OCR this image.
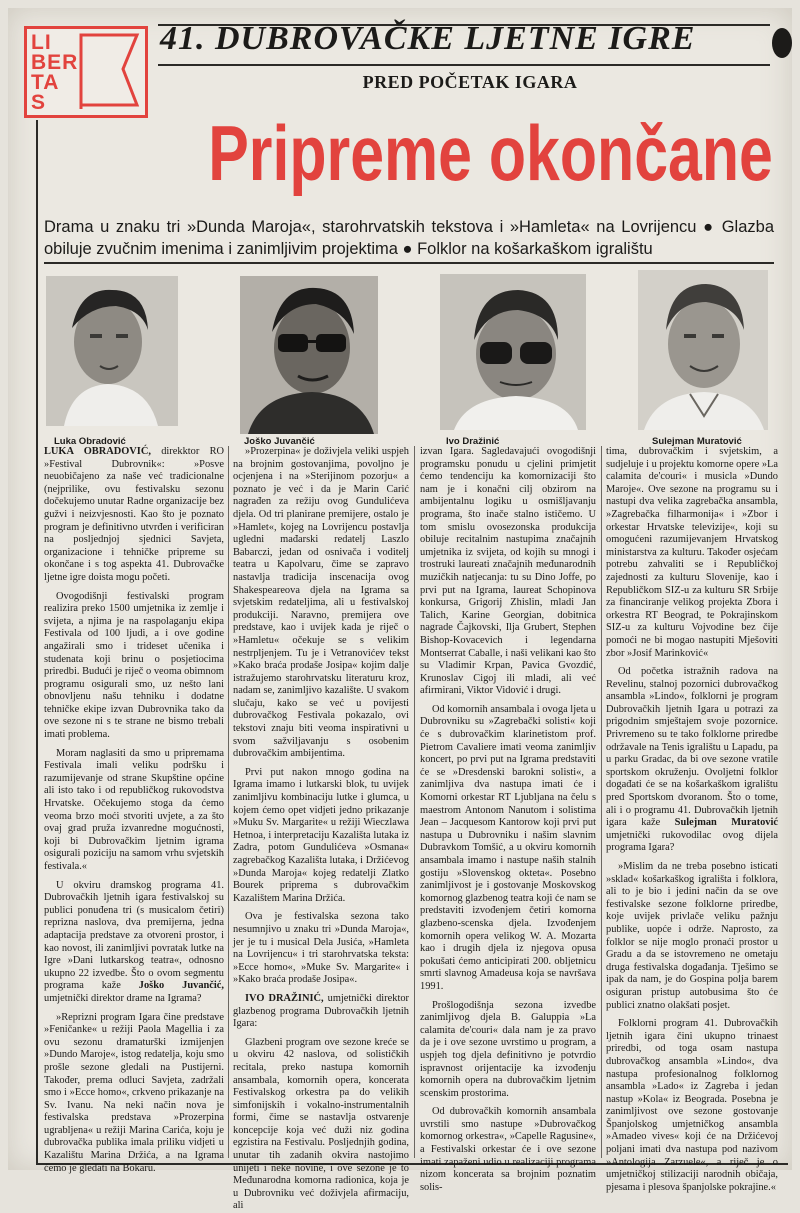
LI
BER
TA
S
41. DUBROVAČKE LJETNE IGRE
PRED POČETAK IGARA
Pripreme okončane
Drama u znaku tri »Dunda Maroja«, starohrvatskih tekstova i »Hamleta« na Lovrijencu ● Glazba obiluje zvučnim imenima i zanimljivim projektima ● Folklor na košarkaškom igralištu
Luka Obradović	Joško Juvančić	Ivo Dražinić	Sulejman Muratović

LUKA OBRADOVIĆ, direkktor RO »Festival Dubrovnik«: »Posve neuobičajeno za naše već tradicionalne (nejprilike, ovu festivalsku sezonu dočekujemo unutar Radne organizacije bez gužvi i neizvjesnosti. Kao što je poznato program je definitivno utvrđen i verificiran na posljednjoj sjednici Savjeta, organizacione i tehničke pripreme su okončane i s tog aspekta 41. Dubrovačke ljetne igre doista mogu početi.

Ovogodišnji festivalski program realizira preko 1500 umjetnika iz zemlje i svijeta, a njima je na raspolaganju ekipa Festivala od 100 ljudi, a i ove godine angažirali smo i trideset učenika i studenata koji brinu o posjetiocima priredbi. Budući je riječ o veoma obimnom programu osigurali smo, uz nešto lani obnovljenu našu tehniku i dodatne tehničke ekipe izvan Dubrovnika tako da ove sezone ni s te strane ne bismo trebali imati problema.

Moram naglasiti da smo u pripremama Festivala imali veliku podršku i razumijevanje od strane Skupštine općine ali isto tako i od republičkog rukovodstva Hrvatske. Očekujemo stoga da ćemo veoma brzo moći stvoriti uvjete, a za što ovaj grad pruža izvanredne mogućnosti, koji bi Dubrovačkim ljetnim igrama osigurali poziciju na samom vrhu svjetskih festivala.«

U okviru dramskog programa 41. Dubrovačkih ljetnih igara festivalskoj su publici ponuđena tri (s musicalom četiri) reprizna naslova, dva premijerna, jedna adaptacija predstave za otvoreni prostor, i kao novost, ili zanimljivi povratak lutke na Igre »Dani lutkarskog teatra«, odnosno ukupno 22 izvedbe. Što o ovom segmentu programa kaže Joško Juvančić, umjetnički direktor drame na Igrama?

»Reprizni program Igara čine predstave »Feničanke« u režiji Paola Magellia i za ovu sezonu dramaturški izmijenjen »Dundo Maroje«, istog redatelja, koju smo prošle sezone gledali na Pustijerni. Također, prema odluci Savjeta, zadržali smo i »Ecce homo«, crkveno prikazanje na Sv. Ivanu. Na neki način nova je festivalska predstava »Prozerpina ugrabljena« u režiji Marina Carića, koju je dubrovačka publika imala priliku vidjeti u Kazalištu Marina Držića, a na Igrama ćemo je gledati na Bokaru.

»Prozerpina« je doživjela veliki uspjeh na brojnim gostovanjima, povoljno je ocjenjena i na »Sterijinom pozorju« a poznato je već i da je Marin Carić nagrađen za režiju ovog Gundulićeva djela. Od tri planirane premijere, ostalo je »Hamlet«, kojeg na Lovrijencu postavlja ugledni mađarski redatelj Laszlo Babarczi, jedan od osnivača i voditelj teatra u Kapolvaru, čime se zapravo nastavlja tradicija inscenacija ovog Shakespeareova djela na Igrama sa svjetskim redateljima, ali u festivalskoj produkciji. Naravno, premijera ove predstave, kao i uvijek kada je riječ o »Hamletu« očekuje se s velikim nestrpljenjem. Tu je i Vetranovićev tekst »Kako braća prodaše Josipa« kojim dalje istražujemo starohrvatsku literaturu kroz, nadam se, zanimljivo kazalište. U svakom slučaju, kako se već u povijesti dubrovačkog Festivala pokazalo, ovi tekstovi znaju biti veoma inspirativni u svom sažviljavanju s osobenim dubrovačkim ambijentima.

Prvi put nakon mnogo godina na Igrama imamo i lutkarski blok, tu uvijek zanimljivu kombinaciju lutke i glumca, u kojem ćemo opet vidjeti jedno prikazanje »Muku Sv. Margarite« u režiji Wieczlawa Hetnoa, i interpretaciju Kazališta lutaka iz Zadra, potom Gundulićeva »Osmana« zagrebačkog Kazališta lutaka, i Držićevog »Dunda Maroja« kojeg redatelji Zlatko Bourek priprema s dubrovačkim Kazalištem Marina Držića.

Ova je festivalska sezona tako nesumnjivo u znaku tri »Dunda Maroja«, jer je tu i musical Dela Jusića, »Hamleta na Lovrijencu« i tri starohrvatska teksta: »Ecce homo«, »Muke Sv. Margarite« i »Kako braća prodaše Josipa«.

IVO DRAŽINIĆ, umjetnički direktor glazbenog programa Dubrovačkih ljetnih Igara:

Glazbeni program ove sezone kreće se u okviru 42 naslova, od solističkih recitala, preko nastupa komornih ansambala, komornih opera, koncerata Festivalskog orkestra pa do velikih simfonijskih i vokalno-instrumentalnih formi, čime se nastavlja ostvarenje koncepcije koja već duži niz godina egzistira na Festivalu. Posljednjih godina, unutar tih zadanih okvira nastojimo unijeti i neke novine, i ove sezone je to Međunarodna komorna radionica, koja je u Dubrovniku već doživjela afirmaciju, ali

izvan Igara. Sagledavajući ovogodišnji programsku ponudu u cjelini primjetit ćemo tendenciju ka komornizaciji što nam je i konačni cilj obzirom na ambijentalnu logiku u osmišljavanju programa, što inače stalno ističemo. U tom smislu ovosezonska produkcija obiluje recitalnim nastupima značajnih umjetnika iz svijeta, od kojih su mnogi i trostruki laureati značajnih međunarodnih muzičkih natjecanja: tu su Dino Joffe, po prvi put na Igrama, laureat Schopinova konkursa, Grigorij Zhislin, mladi Jan Talich, Karine Georgian, dobitnica nagrade Čajkovski, Ilja Grubert, Stephen Bishop-Kovacevich i legendarna Montserrat Caballe, i naši velikani kao što su Vladimir Krpan, Pavica Gvozdić, Krunoslav Cigoj ili mladi, ali već afirmirani, Viktor Vidović i drugi.

Od komornih ansambala i ovoga ljeta u Dubrovniku su »Zagrebački solisti« koji će s dubrovačkim klarinetistom prof. Pietrom Cavaliere imati veoma zanimljiv koncert, po prvi put na Igrama predstaviti će se »Dresdenski barokni solisti«, a zanimljiva dva nastupa imati će i Komorni orkestar RT Ljubljana na čelu s maestrom Antonom Nanutom i solistima Jean – Jacquesom Kantorow koji prvi put nastupa u Dubrovniku i našim slavnim Dubravkom Tomšić, a u okviru komornih ansambala imamo i nastupe naših stalnih gostiju »Slovenskog okteta«. Posebno zanimljivost je i gostovanje Moskovskog komornog glazbenog teatra koji će nam se predstaviti izvođenjem četiri komorna glazbeno-scenska djela. Izvođenjem komornih opera velikog W. A. Mozarta kao i drugih djela iz njegova opusa pokušati ćemo anticipirati 200. obljetnicu smrti slavnog Amadeusa koja se navršava 1991.

Prošlogodišnja sezona izvedbe zanimljivog djela B. Galuppia »La calamita de'couri« dala nam je za pravo da je i ove sezone uvrstimo u program, a uspjeh tog djela definitivno je potvrdio ispravnost orijentacije ka izvođenju komornih opera na dubrovačkim ljetnim scenskim prostorima.

Od dubrovačkih komornih ansambala uvrstili smo nastupe »Dubrovačkog komornog orkestra«, »Capelle Ragusine«, a Festivalski orkestar će i ove sezone imati zapaženi udio u realizaciji programa nizom koncerata sa brojnim poznatim solis-

tima, dubrovačkim i svjetskim, a sudjeluje i u projektu komorne opere »La calamita de'couri« i musicla »Dundo Maroje«. Ove sezone na programu su i nastupi dva velika zagrebačka ansambla, »Zagrebačka filharmonija« i »Zbor i orkestar Hrvatske televizije«, koji su omogućeni razumijevanjem Hrvatskog ministarstva za kulturu. Također osjećam potrebu zahvaliti se i Republičkoj zajednosti za kulturu Slovenije, kao i Republičkom SIZ-u za kulturu SR Srbije za financiranje velikog projekta Zbora i orkestra RT Beograd, te Pokrajinskom SIZ-u za kulturu Vojvodine bez čije pomoći ne bi mogao nastupiti Mješoviti zbor »Josif Marinković«

Od početka istražnih radova na Revelinu, stalnoj pozornici dubrovačkog ansambla »Lindo«, folklorni je program Dubrovačkih ljetnih Igara u potrazi za prigodnim smještajem svoje pozornice. Privremeno su te tako folklorne priredbe održavale na Tenis igralištu u Lapadu, pa u parku Gradac, da bi ove sezone vratile sportskom okruženju. Ovoljetni folklor događati će se na košarkaškom igralištu pred Sportskom dvoranom. Što o tome, ali i o programu 41. Dubrovačkih ljetnih igara kaže Sulejman Muratović umjetnički rukovodilac ovog dijela programa Igara?

»Mislim da ne treba posebno isticati »sklad« košarkaškog igrališta i folklora, ali to je bio i jedini način da se ove festivalske sezone folklorne priredbe, koje uvijek privlače veliku pažnju publike, uopće i održe. Naprosto, za folklor se nije moglo pronaći prostor u Gradu a da se istovremeno ne ometaju druga festivalska događanja. Tješimo se ipak da nam, je do Gospina polja barem osiguran pristup autobusima što će publici znatno olakšati posjet.

Folklorni program 41. Dubrovačkih ljetnih igara čini ukupno trinaest priredbi, od toga osam nastupa dubrovačkog ansambla »Lindo«, dva nastupa profesionalnog folklornog ansambla »Lado« iz Zagreba i jedan nastup »Kola« iz Beograda. Posebna je zanimljivost ove sezone gostovanje Španjolskog umjetničkog ansambla »Amadeo vives« koji će na Držićevoj poljani imati dva nastupa pod nazivom »Antologija Zarzuele«, a riječ je o umjetničkoj stilizaciji narodnih običaja, pjesama i plesova španjolske pokrajine.«
